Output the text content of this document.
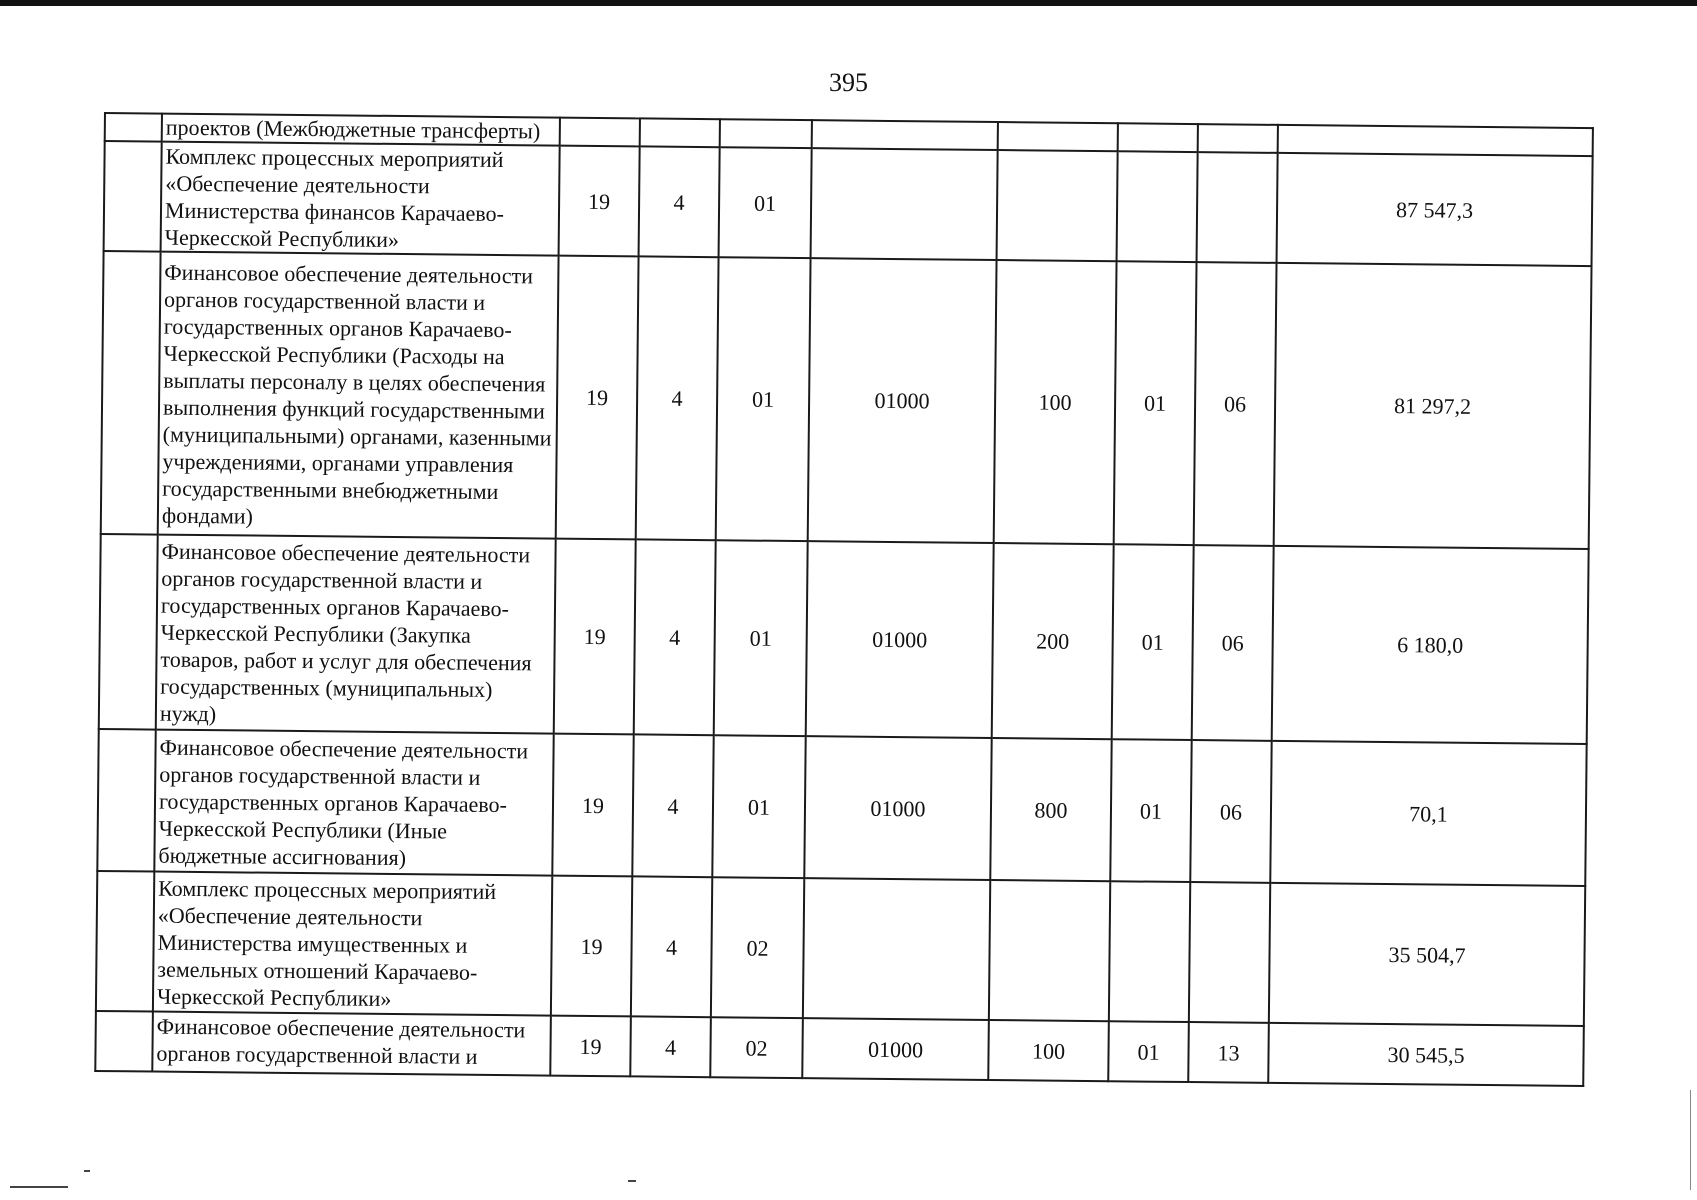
395
	проектов (Межбюджетные трансферты)								
	Комплекс процессных мероприятий «Обеспечение деятельности Министерства финансов Карачаево-Черкесской Республики»	19	4	01					87 547,3
	Финансовое обеспечение деятельности органов государственной власти и государственных органов Карачаево-Черкесской Республики (Расходы на выплаты персоналу в целях обеспечения выполнения функций государственными (муниципальными) органами, казенными учреждениями, органами управления государственными внебюджетными фондами)	19	4	01	01000	100	01	06	81 297,2
	Финансовое обеспечение деятельности органов государственной власти и государственных органов Карачаево-Черкесской Республики (Закупка товаров, работ и услуг для обеспечения государственных (муниципальных) нужд)	19	4	01	01000	200	01	06	6 180,0
	Финансовое обеспечение деятельности органов государственной власти и государственных органов Карачаево-Черкесской Республики (Иные бюджетные ассигнования)	19	4	01	01000	800	01	06	70,1
	Комплекс процессных мероприятий «Обеспечение деятельности Министерства имущественных и земельных отношений Карачаево-Черкесской Республики»	19	4	02					35 504,7
	Финансовое обеспечение деятельности органов государственной власти и	19	4	02	01000	100	01	13	30 545,5
